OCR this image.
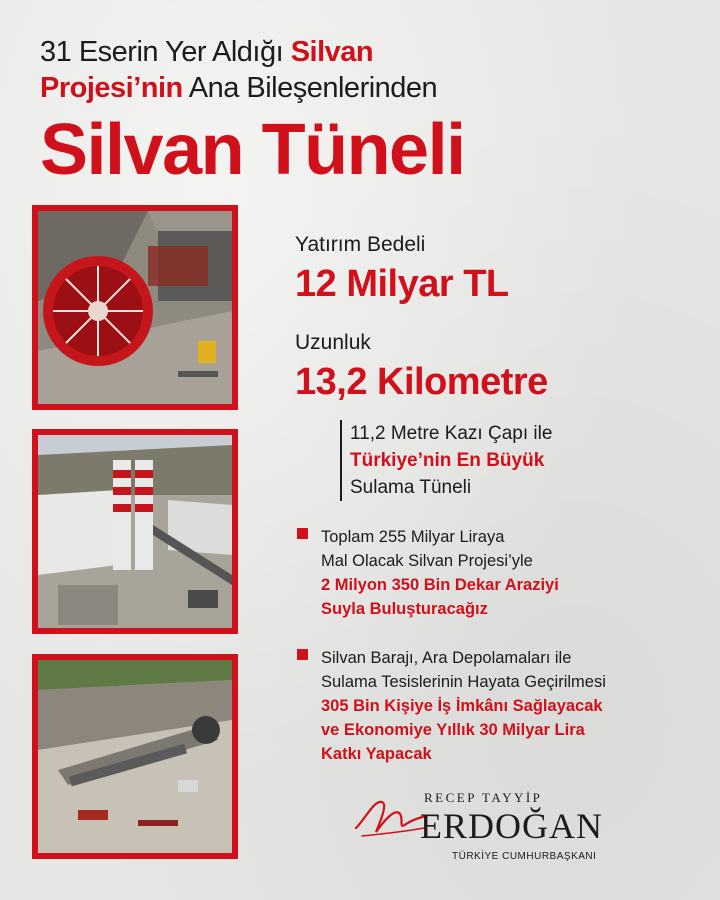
31 Eserin Yer Aldığı Silvan
Projesi’nin Ana Bileşenlerinden
Silvan Tüneli
Yatırım Bedeli
12 Milyar TL
Uzunluk
13,2 Kilometre
11,2 Metre Kazı Çapı ile
Türkiye’nin En Büyük
Sulama Tüneli
Toplam 255 Milyar Liraya
Mal Olacak Silvan Projesi’yle
2 Milyon 350 Bin Dekar Araziyi
Suyla Buluşturacağız
Silvan Barajı, Ara Depolamaları ile
Sulama Tesislerinin Hayata Geçirilmesi
305 Bin Kişiye İş İmkânı Sağlayacak
ve Ekonomiye Yıllık 30 Milyar Lira
Katkı Yapacak
RECEP TAYYİP
ERDOĞAN
TÜRKİYE CUMHURBAŞKANI
